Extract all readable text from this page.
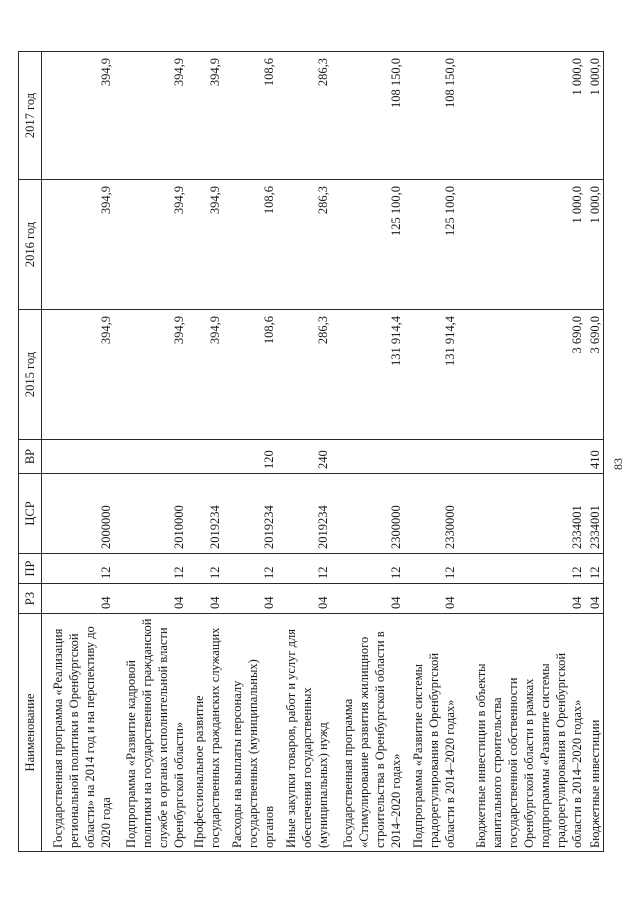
Наименование	РЗ	ПР	ЦСР	ВР	2015 год	2016 год	2017 год
Государственная программа «Реализация региональной политики в Оренбургской области» на 2014 год и на перспективу до 2020 года	04	12	2000000		394,9	394,9	394,9
Подпрограмма «Развитие кадровой политики на государственной гражданской службе в органах исполнительной власти Оренбургской области»	04	12	2010000		394,9	394,9	394,9
Профессиональное развитие государственных гражданских служащих	04	12	2019234		394,9	394,9	394,9
Расходы на выплаты персоналу государственных (муниципальных) органов	04	12	2019234	120	108,6	108,6	108,6
Иные закупки товаров, работ и услуг для обеспечения государственных (муниципальных) нужд	04	12	2019234	240	286,3	286,3	286,3
Государственная программа «Стимулирование развития жилищного строительства в Оренбургской области в 2014–2020 годах»	04	12	2300000		131 914,4	125 100,0	108 150,0
Подпрограмма «Развитие системы градорегулирования в Оренбургской области в 2014–2020 годах»	04	12	2330000		131 914,4	125 100,0	108 150,0
Бюджетные инвестиции в объекты капитального строительства государственной собственности Оренбургской области в рамках подпрограммы «Развитие системы градорегулирования в Оренбургской области в 2014–2020 годах»	04	12	2334001		3 690,0	1 000,0	1 000,0
Бюджетные инвестиции	04	12	2334001	410	3 690,0	1 000,0	1 000,0
83
